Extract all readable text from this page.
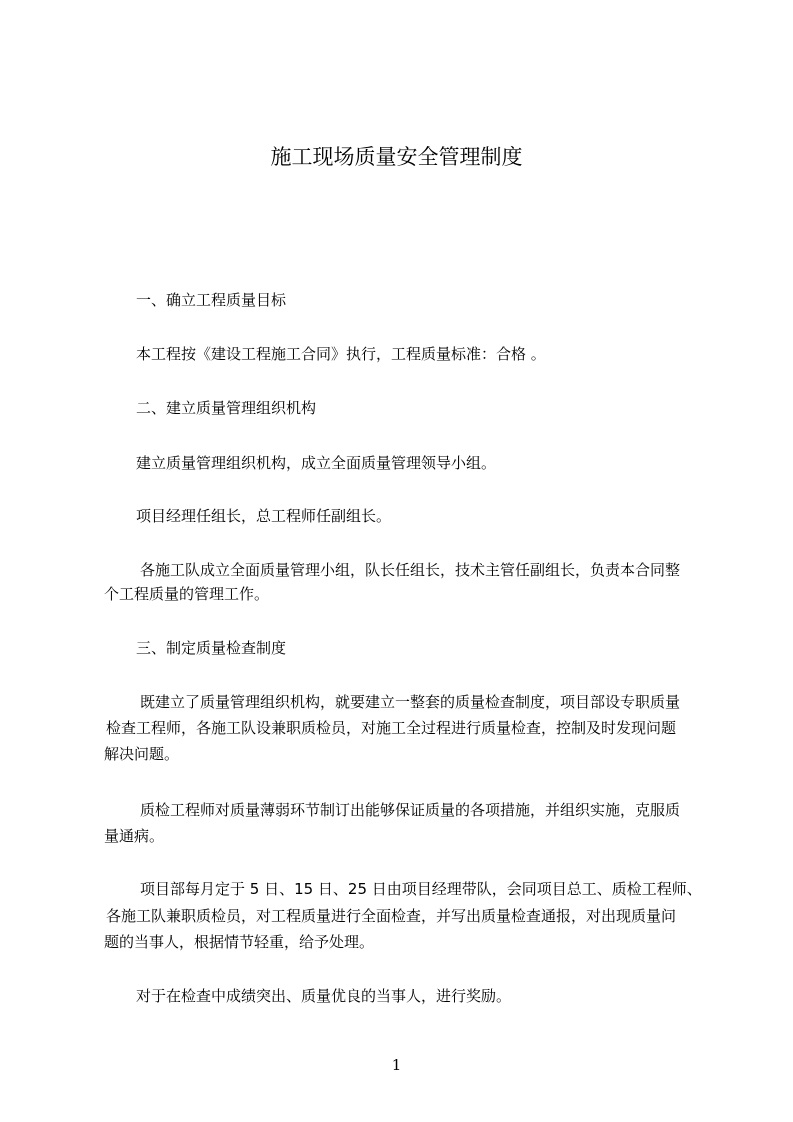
施工现场质量安全管理制度
一、确立工程质量目标
本工程按《建设工程施工合同》执行，工程质量标准：合格 。
二、建立质量管理组织机构
建立质量管理组织机构，成立全面质量管理领导小组。
项目经理任组长，总工程师任副组长。
各施工队成立全面质量管理小组，队长任组长，技术主管任副组长，负责本合同整
个工程质量的管理工作。
三、制定质量检查制度
既建立了质量管理组织机构，就要建立一整套的质量检查制度，项目部设专职质量
检查工程师，各施工队设兼职质检员，对施工全过程进行质量检查，控制及时发现问题
解决问题。
质检工程师对质量薄弱环节制订出能够保证质量的各项措施，并组织实施，克服质
量通病。
项目部每月定于 5 日、15 日、25 日由项目经理带队，会同项目总工、质检工程师、
各施工队兼职质检员，对工程质量进行全面检查，并写出质量检查通报，对出现质量问
题的当事人，根据情节轻重，给予处理。
对于在检查中成绩突出、质量优良的当事人，进行奖励。
1
